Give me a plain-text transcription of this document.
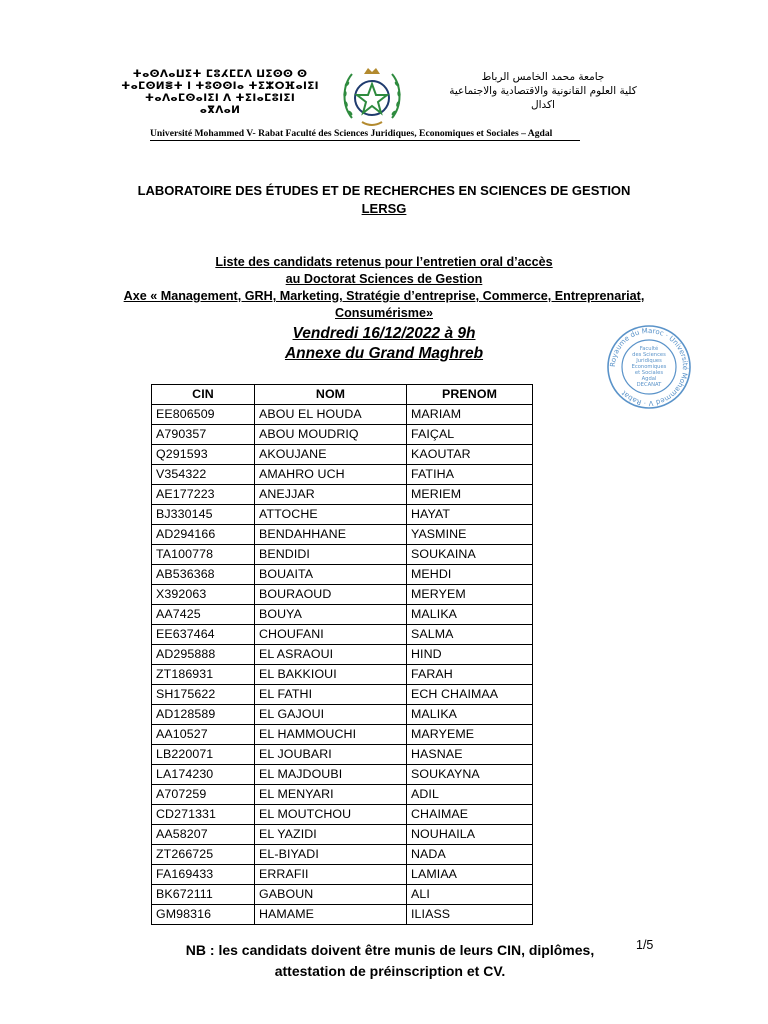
ⵜⴰⵙⴷⴰⵡⵉⵜ ⵎⵓⵃⵎⵎⴷ ⵡⵉⵙⵙ ⵙ
ⵜⴰⵎⵙⵍⴻⵜ ⵏ ⵜⵓⵙⵙⵏⴰ ⵜⵉⵣⵔⴼⴰⵏⵉⵏ
ⵜⴰⴷⴰⵎⵙⴰⵏⵉⵏ ⴷ ⵜⵉⵏⴰⵎⵓⵏⵉⵏ
ⴰⴳⴷⴰⵍ
جامعة محمد الخامس الرباط
كلية العلوم القانونية والاقتصادية والاجتماعية
اكدال
Université Mohammed V- Rabat Faculté des Sciences Juridiques, Economiques et Sociales – Agdal
LABORATOIRE DES ÉTUDES ET DE RECHERCHES EN SCIENCES DE GESTION
LERSG
Liste des candidats retenus pour l’entretien oral d’accès
au Doctorat Sciences de Gestion
Axe « Management, GRH, Marketing, Stratégie d’entreprise, Commerce, Entreprenariat,
Consumérisme»
Vendredi 16/12/2022 à 9h
Annexe du Grand Maghreb
Royaume du Maroc · Université Mohammed V · Rabat
Faculté
des Sciences
Juridiques
Economiques
et Sociales
Agdal
DECANAT
CIN	NOM	PRENOM
EE806509	ABOU EL HOUDA	MARIAM
A790357	ABOU MOUDRIQ	FAIÇAL
Q291593	AKOUJANE	KAOUTAR
V354322	AMAHRO UCH	FATIHA
AE177223	ANEJJAR	MERIEM
BJ330145	ATTOCHE	HAYAT
AD294166	BENDAHHANE	YASMINE
TA100778	BENDIDI	SOUKAINA
AB536368	BOUAITA	MEHDI
X392063	BOURAOUD	MERYEM
AA7425	BOUYA	MALIKA
EE637464	CHOUFANI	SALMA
AD295888	EL ASRAOUI	HIND
ZT186931	EL BAKKIOUI	FARAH
SH175622	EL FATHI	ECH CHAIMAA
AD128589	EL GAJOUI	MALIKA
AA10527	EL HAMMOUCHI	MARYEME
LB220071	EL JOUBARI	HASNAE
LA174230	EL MAJDOUBI	SOUKAYNA
A707259	EL MENYARI	ADIL
CD271331	EL MOUTCHOU	CHAIMAE
AA58207	EL YAZIDI	NOUHAILA
ZT266725	EL-BIYADI	NADA
FA169433	ERRAFII	LAMIAA
BK672111	GABOUN	ALI
GM98316	HAMAME	ILIASS
NB : les candidats doivent être munis de leurs CIN, diplômes,
attestation de préinscription et CV.
1/5
